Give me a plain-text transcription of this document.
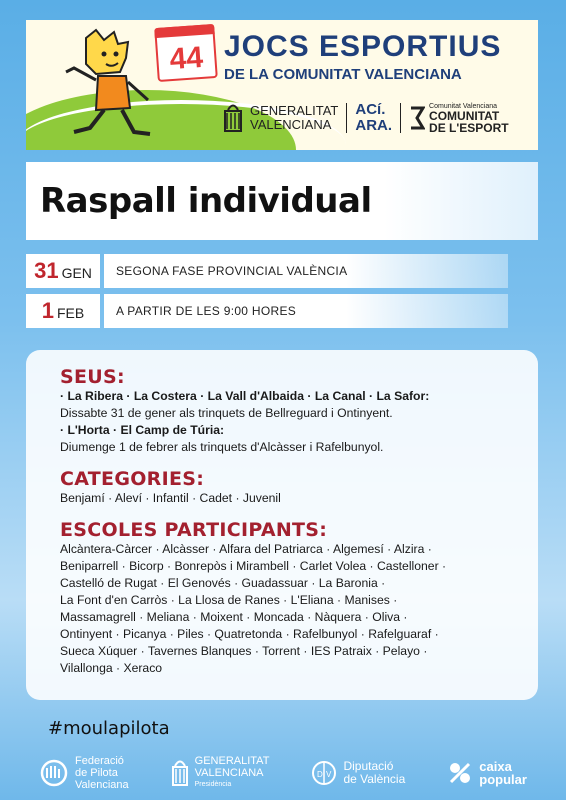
44 JOCS ESPORTIUS
DE LA COMUNITAT VALENCIANA
GENERALITAT
VALENCIANA
ACí.
ARA.
Comunitat Valenciana
COMUNITAT
DE L'ESPORT
Raspall individual
31 GEN	SEGONA FASE PROVINCIAL VALÈNCIA
1 FEB	A PARTIR DE LES 9:00 HORES
SEUS:
· La Ribera · La Costera · La Vall d'Albaida · La Canal · La Safor:
Dissabte 31 de gener als trinquets de Bellreguard i Ontinyent.
· L'Horta · El Camp de Túria:
Diumenge 1 de febrer als trinquets d'Alcàsser i Rafelbunyol.
CATEGORIES:
Benjamí · Aleví · Infantil · Cadet · Juvenil
ESCOLES PARTICIPANTS:
Alcàntera-Càrcer · Alcàsser · Alfara del Patriarca · Algemesí · Alzira ·
Beniparrell · Bicorp · Bonrepòs i Mirambell · Carlet Volea · Castelloner ·
Castelló de Rugat · El Genovés · Guadassuar · La Baronia ·
La Font d'en Carròs · La Llosa de Ranes · L'Eliana · Manises ·
Massamagrell · Meliana · Moixent · Moncada · Nàquera · Oliva ·
Ontinyent · Picanya · Piles · Quatretonda · Rafelbunyol · Rafelguaraf ·
Sueca Xúquer · Tavernes Blanques · Torrent · IES Patraix · Pelayo ·
Vilallonga · Xeraco
#moulapilota
Federació
de Pilota
Valenciana
GENERALITAT
VALENCIANA
Presidència
D V
Diputació
de València
caixa
popular
